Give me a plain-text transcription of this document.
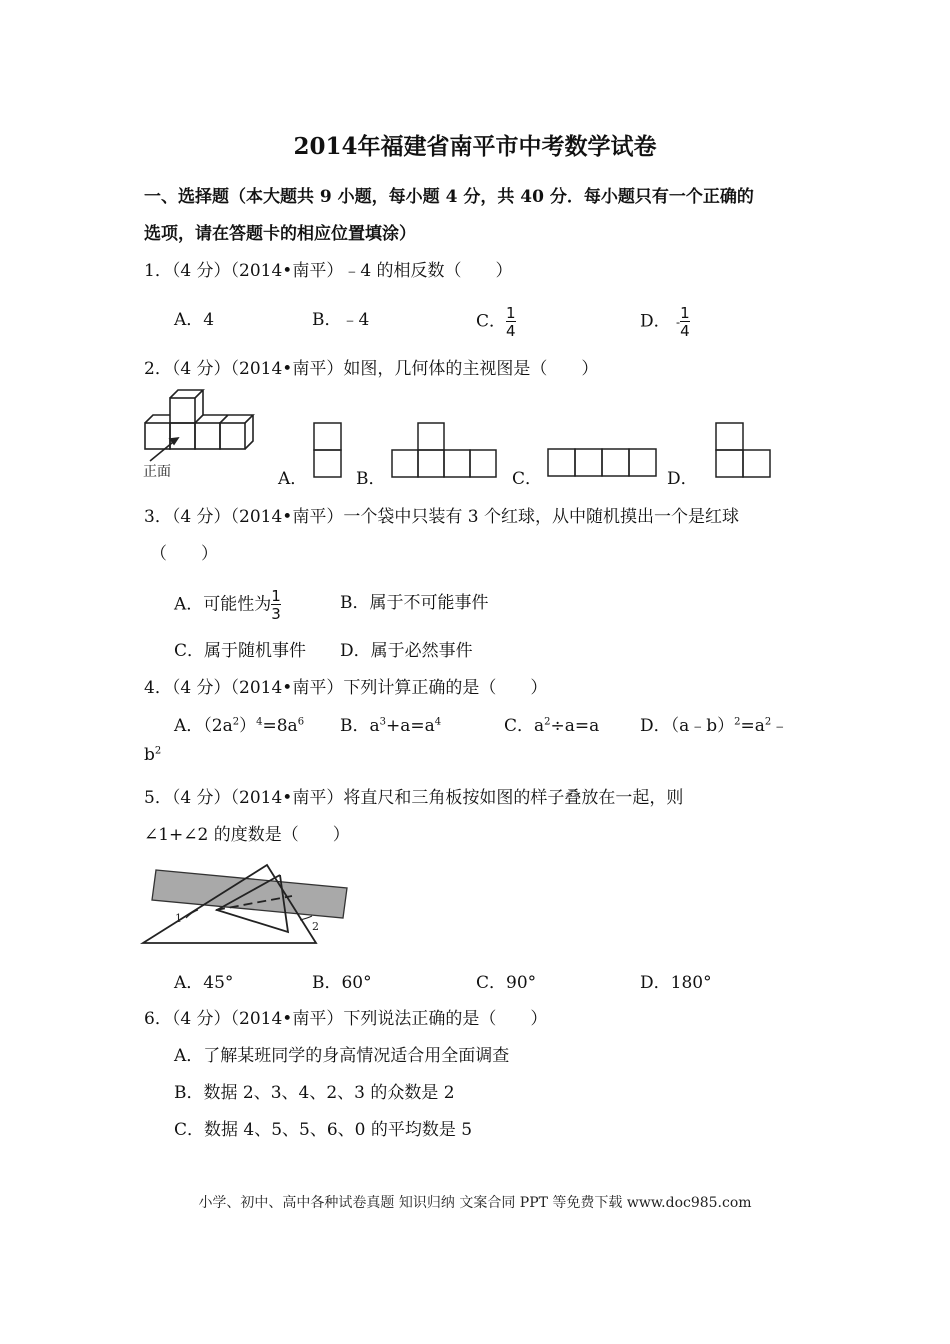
2014年福建省南平市中考数学试卷
一、选择题（本大题共 9 小题，每小题 4 分，共 40 分．每小题只有一个正确的
选项，请在答题卡的相应位置填涂）
1．（4 分）（2014•南平）﹣4 的相反数（　　）
A．4	B．﹣4	C． $\frac{1}{4}$	D． - $\frac{1}{4}$
2．（4 分）（2014•南平）如图，几何体的主视图是（　　）
正面	A．	B．	C．	D．
3．（4 分）（2014•南平）一个袋中只装有 3 个红球，从中随机摸出一个是红球
（　　）
A．可能性为 $\frac{1}{3}$	B．属于不可能事件
C．属于随机事件 D．属于必然事件
4．（4 分）（2014•南平）下列计算正确的是（　　）
A．$(2a^2)^4=8a^6$ B．$a^3+a=a^4$	C．$a^2\div a=a$ D．$(a﹣b)^2=a^2﹣$
$b^2$
5．（4 分）（2014•南平）将直尺和三角板按如图的样子叠放在一起，则
∠1+∠2 的度数是（　　）
1
2
A．45°	B．60°	C．90°	D．180°
6．（4 分）（2014•南平）下列说法正确的是（　　）
A．了解某班同学的身高情况适合用全面调查
B．数据 2、3、4、2、3 的众数是 2
C．数据 4、5、5、6、0 的平均数是 5
小学、初中、高中各种试卷真题 知识归纳 文案合同 PPT 等免费下载 www.doc985.com
